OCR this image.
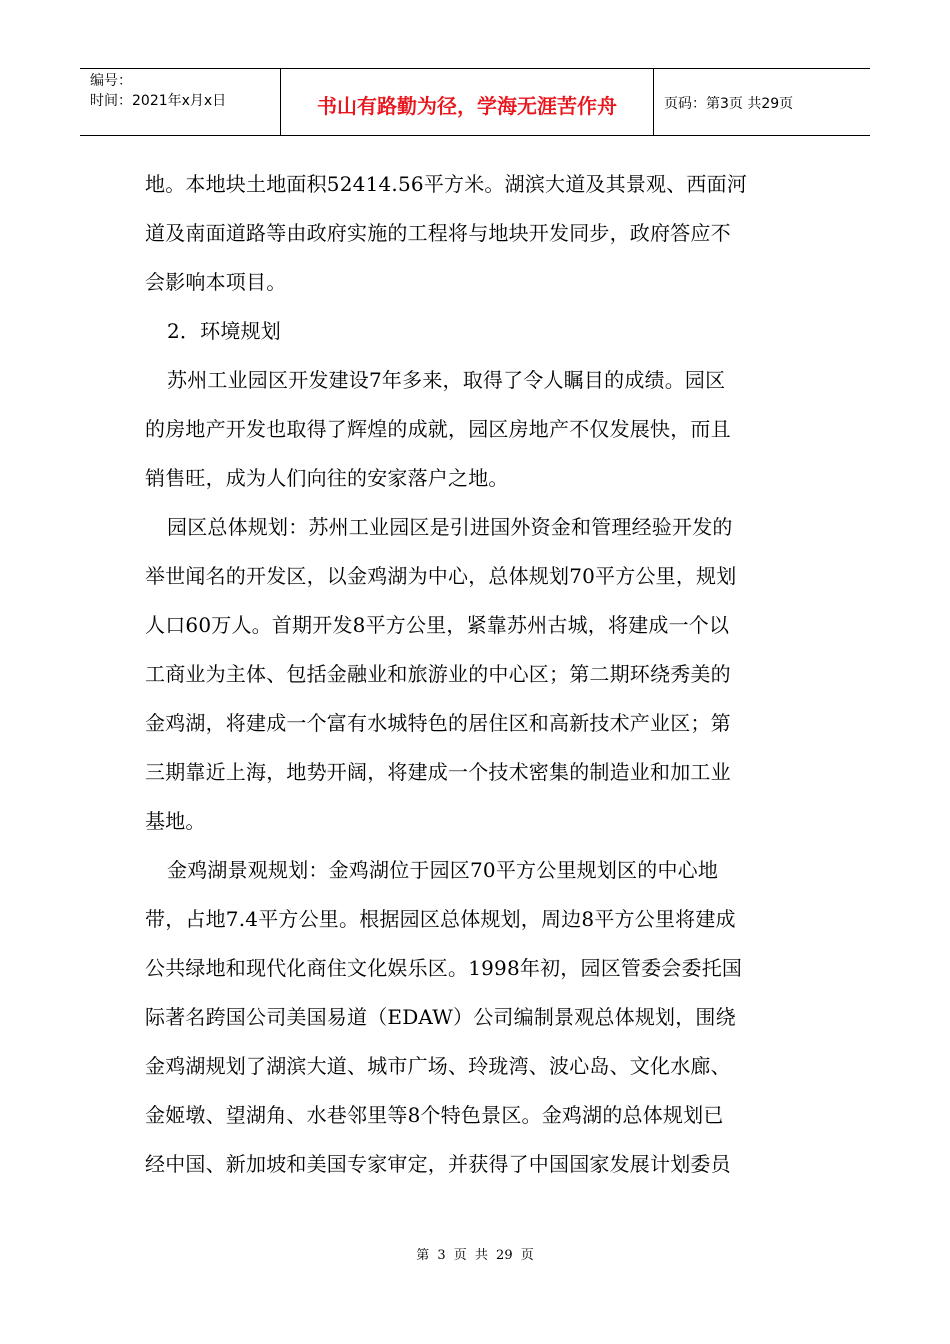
编号：
时间：2021年x月x日	书山有路勤为径，学海无涯苦作舟	页码：第3页 共29页
地。本地块土地面积52414.56平方米。湖滨大道及其景观、西面河
道及南面道路等由政府实施的工程将与地块开发同步，政府答应不
会影响本项目。
2．环境规划
苏州工业园区开发建设7年多来，取得了令人瞩目的成绩。园区
的房地产开发也取得了辉煌的成就，园区房地产不仅发展快，而且
销售旺，成为人们向往的安家落户之地。
园区总体规划：苏州工业园区是引进国外资金和管理经验开发的
举世闻名的开发区，以金鸡湖为中心，总体规划70平方公里，规划
人口60万人。首期开发8平方公里，紧靠苏州古城，将建成一个以
工商业为主体、包括金融业和旅游业的中心区；第二期环绕秀美的
金鸡湖，将建成一个富有水城特色的居住区和高新技术产业区；第
三期靠近上海，地势开阔，将建成一个技术密集的制造业和加工业
基地。
金鸡湖景观规划：金鸡湖位于园区70平方公里规划区的中心地
带，占地7.4平方公里。根据园区总体规划，周边8平方公里将建成
公共绿地和现代化商住文化娱乐区。1998年初，园区管委会委托国
际著名跨国公司美国易道（EDAW）公司编制景观总体规划，围绕
金鸡湖规划了湖滨大道、城市广场、玲珑湾、波心岛、文化水廊、
金姬墩、望湖角、水巷邻里等8个特色景区。金鸡湖的总体规划已
经中国、新加坡和美国专家审定，并获得了中国国家发展计划委员
第 3 页 共 29 页
